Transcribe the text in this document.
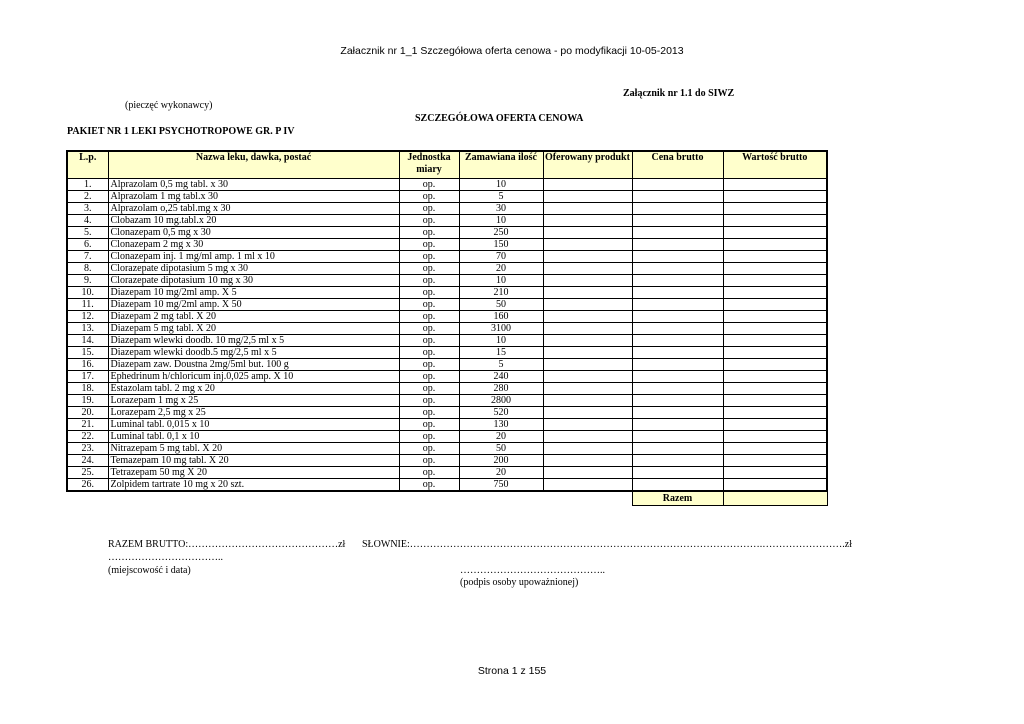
Załacznik nr 1_1 Szczegółowa oferta cenowa - po modyfikacji 10-05-2013
Załącznik nr 1.1 do SIWZ
(pieczęć wykonawcy)
SZCZEGÓŁOWA OFERTA CENOWA
PAKIET NR 1 LEKI PSYCHOTROPOWE GR. P IV
L.p.	Nazwa leku, dawka, postać	Jednostka miary	Zamawiana ilość	Oferowany produkt	Cena brutto	Wartość brutto
1.	Alprazolam 0,5 mg tabl. x 30	op.	10			
2.	Alprazolam 1 mg tabl.x 30	op.	5			
3.	Alprazolam o,25 tabl.mg x 30	op.	30			
4.	Clobazam 10 mg.tabl.x 20	op.	10			
5.	Clonazepam 0,5 mg x 30	op.	250			
6.	Clonazepam 2 mg x 30	op.	150			
7.	Clonazepam inj. 1 mg/ml amp. 1 ml x 10	op.	70			
8.	Clorazepate dipotasium 5 mg x 30	op.	20			
9.	Clorazepate dipotasium 10 mg x 30	op.	10			
10.	Diazepam 10 mg/2ml amp. X 5	op.	210			
11.	Diazepam 10 mg/2ml amp. X 50	op.	50			
12.	Diazepam 2 mg tabl. X 20	op.	160			
13.	Diazepam 5 mg tabl. X 20	op.	3100			
14.	Diazepam wlewki doodb. 10 mg/2,5 ml x 5	op.	10			
15.	Diazepam wlewki doodb.5 mg/2,5 ml x 5	op.	15			
16.	Diazepam zaw. Doustna 2mg/5ml but. 100 g	op.	5			
17.	Ephedrinum h/chloricum inj.0,025 amp. X 10	op.	240			
18.	Estazolam tabl. 2 mg x 20	op.	280			
19.	Lorazepam 1 mg x 25	op.	2800			
20.	Lorazepam 2,5 mg x 25	op.	520			
21.	Luminal tabl. 0,015 x 10	op.	130			
22.	Luminal tabl. 0,1 x 10	op.	20			
23.	Nitrazepam 5 mg tabl. X 20	op.	50			
24.	Temazepam 10 mg tabl. X 20	op.	200			
25.	Tetrazepam 50 mg X 20	op.	20			
26.	Zolpidem tartrate 10 mg x 20 szt.	op.	750			
					Razem	
RAZEM BRUTTO:………………………………………zł SŁOWNIE:…………………………………………………………………………………………….…………………….zł
……………………………..
(miejscowość i data)	……………………………………..
(podpis osoby upoważnionej)
Strona 1 z 155
